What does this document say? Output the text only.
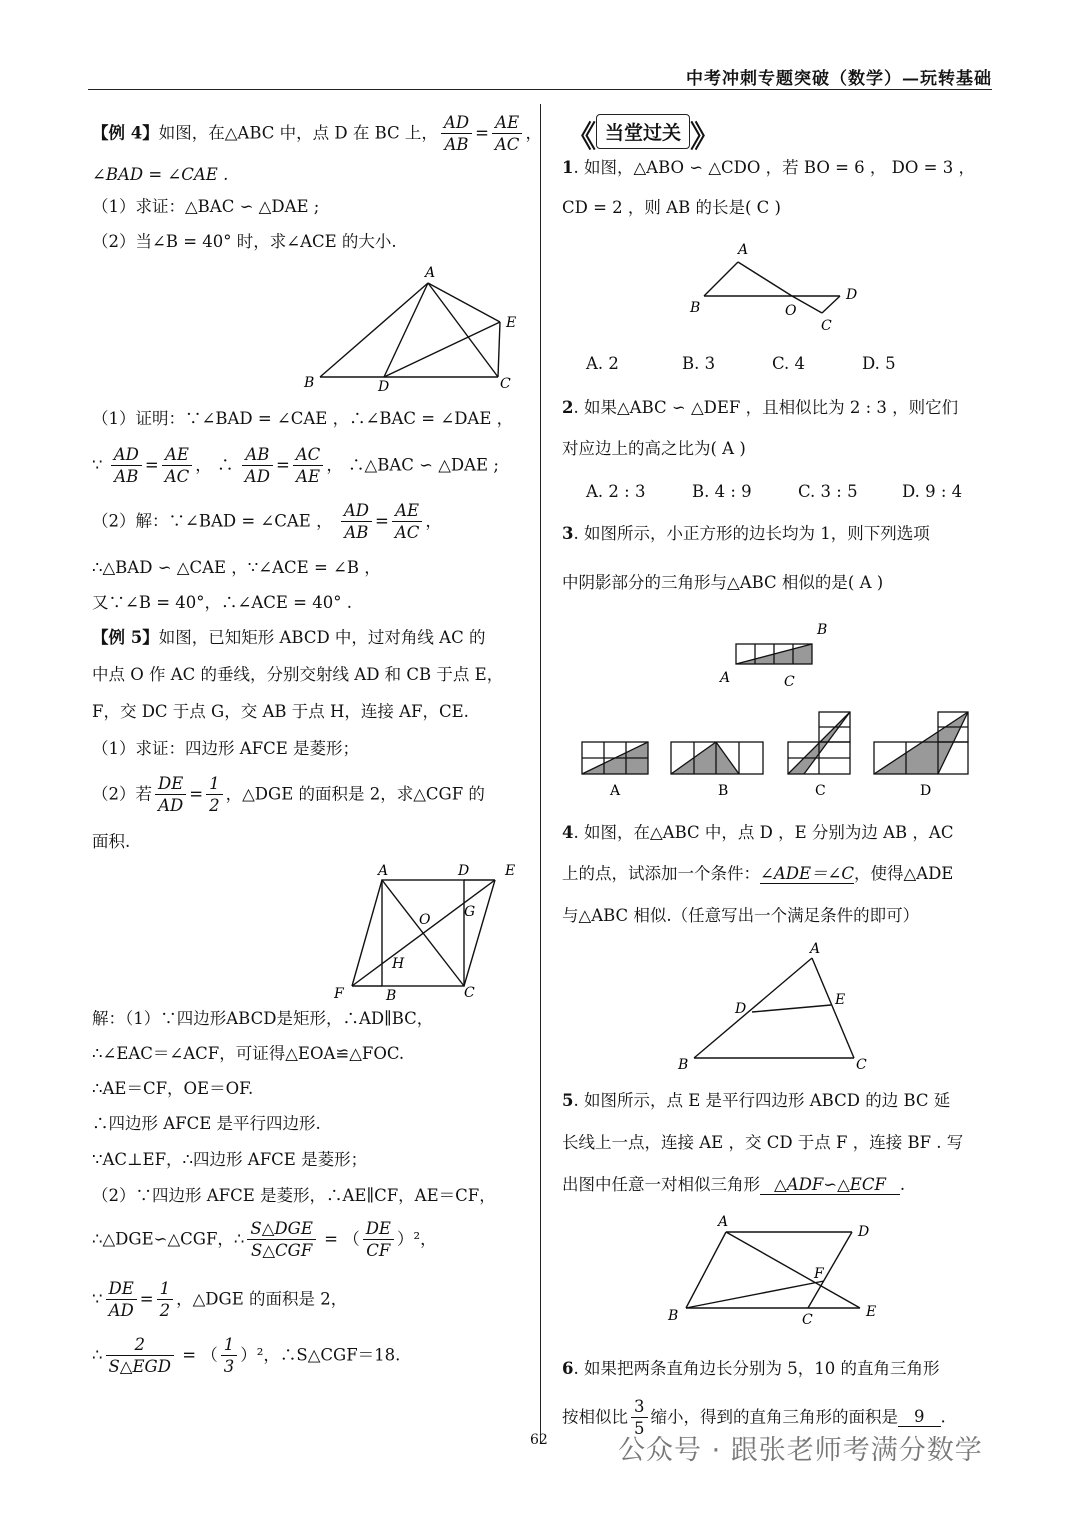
中考冲刺专题突破（数学）—玩转基础
【例 4】如图，在△ABC 中，点 D 在 BC 上， $\frac{AD}{AB} = \frac{AE}{AC}$ ，
∠BAD = ∠CAE .
（1）求证：△BAC ∽ △DAE ;
（2）当∠B = 40° 时，求∠ACE 的大小.
A
E
B	D	C
（1）证明：∵∠BAD = ∠CAE ，∴∠BAC = ∠DAE ，
∵ $\frac{AD}{AB} = \frac{AE}{AC}$ ， ∴ $\frac{AB}{AD} = \frac{AC}{AE}$ ， ∴△BAC ∽ △DAE ;
（2）解：∵∠BAD = ∠CAE ， $\frac{AD}{AB} = \frac{AE}{AC}$ ，
∴△BAD ∽ △CAE ，∵∠ACE = ∠B ，
又∵∠B = 40°，∴∠ACE = 40° .
【例 5】如图，已知矩形 ABCD 中，过对角线 AC 的
中点 O 作 AC 的垂线，分别交射线 AD 和 CB 于点 E，
F，交 DC 于点 G，交 AB 于点 H，连接 AF，CE.
（1）求证：四边形 AFCE 是菱形；
（2）若 $\frac{DE}{AD} = \frac{1}{2}$ ，△DGE 的面积是 2，求△CGF 的
面积.
A	D	E
O G
H
F	B	C
解：（1）∵四边形ABCD是矩形，∴AD∥BC，
∴∠EAC＝∠ACF，可证得△EOA≌△FOC.
∴AE＝CF，OE＝OF.
∴四边形 AFCE 是平行四边形.
∵AC⊥EF，∴四边形 AFCE 是菱形；
（2）∵四边形 AFCE 是菱形，∴AE∥CF，AE＝CF，
∴△DGE∽△CGF，∴ $\frac{\text{S△DGE}}{\text{S△CGF}}$ = （ $\frac{DE}{CF} )^2$，
∵ $\frac{DE}{AD} = \frac{1}{2}$ ，△DGE 的面积是 2，
∴ $\frac{2}{\text{S△EGD}}$ = （ $\frac{1}{3} )^2$，∴S△CGF＝18.
《 当堂过关 》
1. 如图，△ABO ∽ △CDO ，若 BO = 6 ， DO = 3 ，
CD = 2 ，则 AB 的长是( C )
A
B	O
D
C
A. 2	B. 3	C. 4	D. 5
2. 如果△ABC ∽ △DEF ，且相似比为 2 : 3 ，则它们
对应边上的高之比为( A )
A. 2 : 3	B. 4 : 9	C. 3 : 5	D. 9 : 4
3. 如图所示，小正方形的边长均为 1，则下列选项
中阴影部分的三角形与△ABC 相似的是( A )
B
A	C
A	B	C	D
4. 如图，在△ABC 中，点 D ，E 分别为边 AB ，AC
上的点，试添加一个条件：∠ADE＝∠C，使得△ADE
与△ABC 相似.（任意写出一个满足条件的即可）
A
D
E
B	C
5. 如图所示，点 E 是平行四边形 ABCD 的边 BC 延
长线上一点，连接 AE ，交 CD 于点 F ，连接 BF . 写
出图中任意一对相似三角形 △ADF∽△ECF .
A
D
F
B	C	E
6. 如果把两条直角边长分别为 5，10 的直角三角形
按相似比 $\frac{3}{5}$ 缩小，得到的直角三角形的面积是 9 .
62	公众号 · 跟张老师考满分数学
